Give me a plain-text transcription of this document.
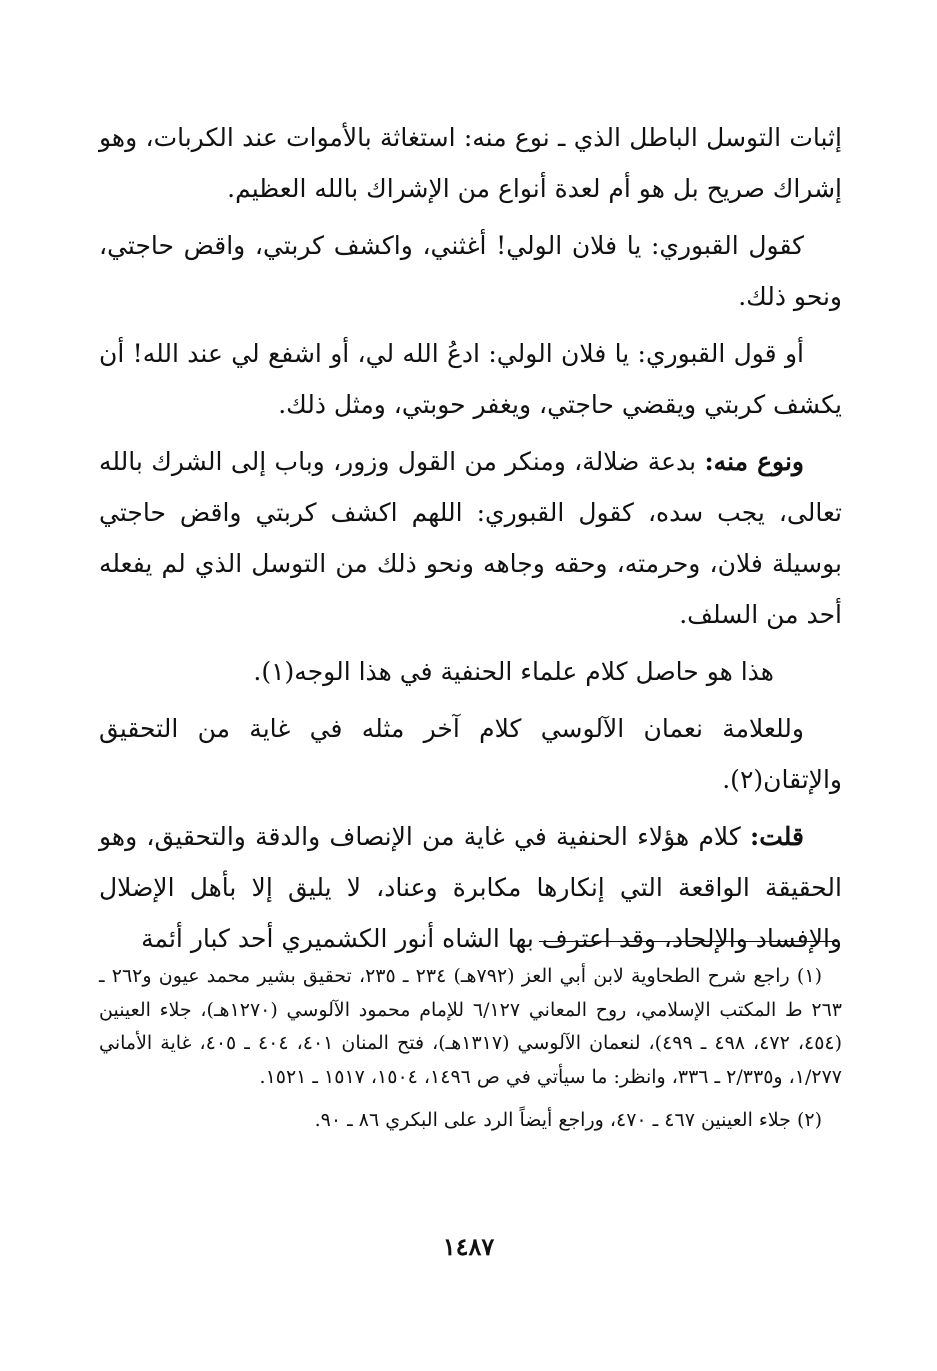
إثبات التوسل الباطل الذي ـ نوع منه: استغاثة بالأموات عند الكربات، وهو إشراك صريح بل هو أم لعدة أنواع من الإشراك بالله العظيم.

كقول القبوري: يا فلان الولي! أغثني، واكشف كربتي، واقض حاجتي، ونحو ذلك.

أو قول القبوري: يا فلان الولي: ادعُ الله لي، أو اشفع لي عند الله! أن يكشف كربتي ويقضي حاجتي، ويغفر حوبتي، ومثل ذلك.

ونوع منه: بدعة ضلالة، ومنكر من القول وزور، وباب إلى الشرك بالله تعالى، يجب سده، كقول القبوري: اللهم اكشف كربتي واقض حاجتي بوسيلة فلان، وحرمته، وحقه وجاهه ونحو ذلك من التوسل الذي لم يفعله أحد من السلف.

هذا هو حاصل كلام علماء الحنفية في هذا الوجه(١).

وللعلامة نعمان الآلوسي كلام آخر مثله في غاية من التحقيق والإتقان(٢).

قلت: كلام هؤلاء الحنفية في غاية من الإنصاف والدقة والتحقيق، وهو الحقيقة الواقعة التي إنكارها مكابرة وعناد، لا يليق إلا بأهل الإضلال والإفساد والإلحاد، وقد اعترف بها الشاه أنور الكشميري أحد كبار أئمة

(١) راجع شرح الطحاوية لابن أبي العز (٧٩٢هـ) ٢٣٤ ـ ٢٣٥، تحقيق بشير محمد عيون و٢٦٢ ـ ٢٦٣ ط المكتب الإسلامي، روح المعاني ٦/١٢٧ للإمام محمود الآلوسي (١٢٧٠هـ)، جلاء العينين (٤٥٤، ٤٧٢، ٤٩٨ ـ ٤٩٩)، لنعمان الآلوسي (١٣١٧هـ)، فتح المنان ٤٠١، ٤٠٤ ـ ٤٠٥، غاية الأماني ١/٢٧٧، و٢/٣٣٥ ـ ٣٣٦، وانظر: ما سيأتي في ص ١٤٩٦، ١٥٠٤، ١٥١٧ ـ ١٥٢١.

(٢) جلاء العينين ٤٦٧ ـ ٤٧٠، وراجع أيضاً الرد على البكري ٨٦ ـ ٩٠.

١٤٨٧
